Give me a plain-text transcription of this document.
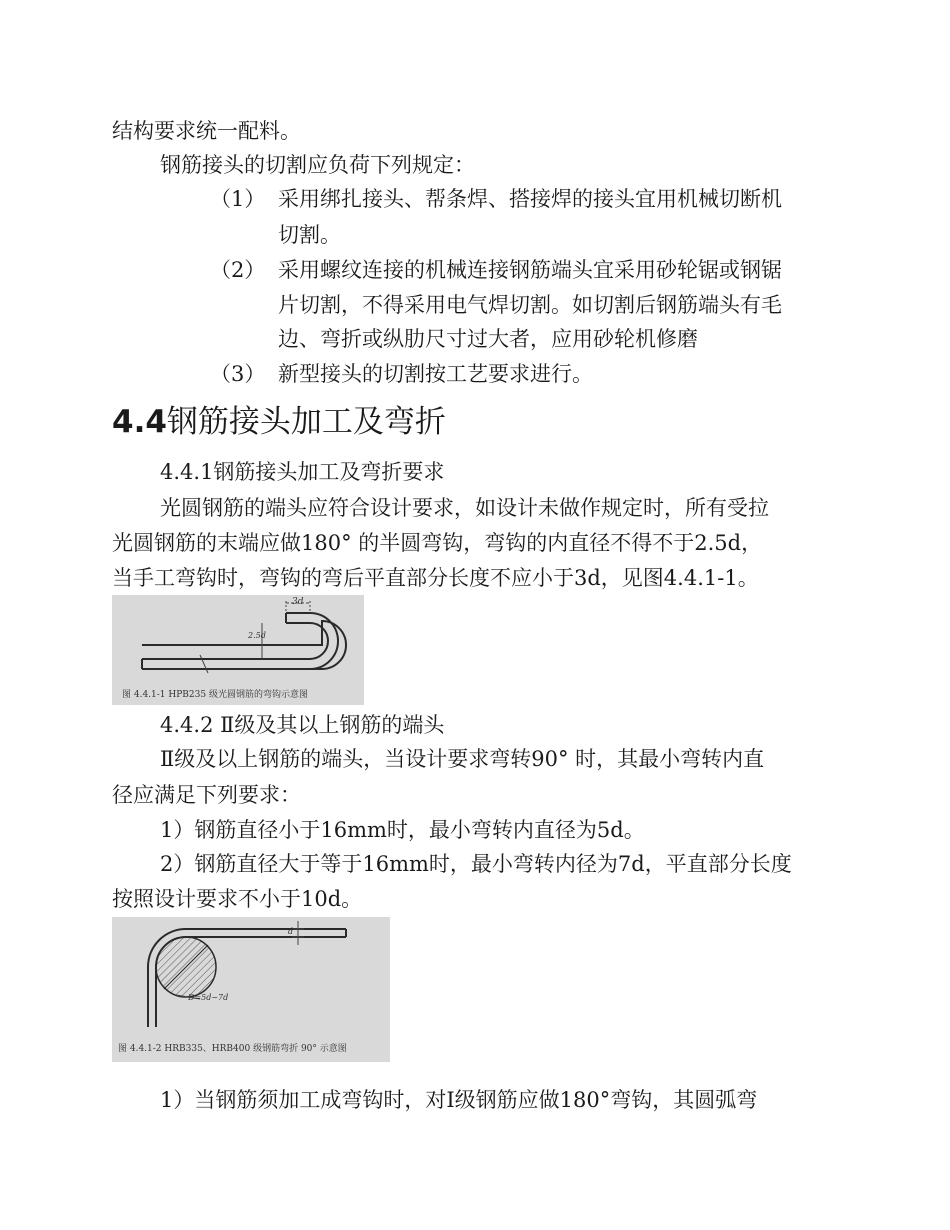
结构要求统一配料。
钢筋接头的切割应负荷下列规定：
（1） 采用绑扎接头、帮条焊、搭接焊的接头宜用机械切断机
切割。
（2） 采用螺纹连接的机械连接钢筋端头宜采用砂轮锯或钢锯
片切割，不得采用电气焊切割。如切割后钢筋端头有毛
边、弯折或纵肋尺寸过大者，应用砂轮机修磨
（3） 新型接头的切割按工艺要求进行。
4.4钢筋接头加工及弯折
4.4.1钢筋接头加工及弯折要求
光圆钢筋的端头应符合设计要求，如设计未做作规定时，所有受拉
光圆钢筋的末端应做180° 的半圆弯钩，弯钩的内直径不得不于2.5d，
当手工弯钩时，弯钩的弯后平直部分长度不应小于3d，见图4.4.1-1。
3d
2.5d
图 4.4.1-1 HPB235 级光圆钢筋的弯钩示意图
4.4.2 Ⅱ级及其以上钢筋的端头
Ⅱ级及以上钢筋的端头，当设计要求弯转90° 时，其最小弯转内直
径应满足下列要求：
1）钢筋直径小于16mm时，最小弯转内直径为5d。
2）钢筋直径大于等于16mm时，最小弯转内径为7d，平直部分长度
按照设计要求不小于10d。
d
D=5d~7d
图 4.4.1-2 HRB335、HRB400 级钢筋弯折 90° 示意图
1）当钢筋须加工成弯钩时，对Ⅰ级钢筋应做180°弯钩，其圆弧弯
